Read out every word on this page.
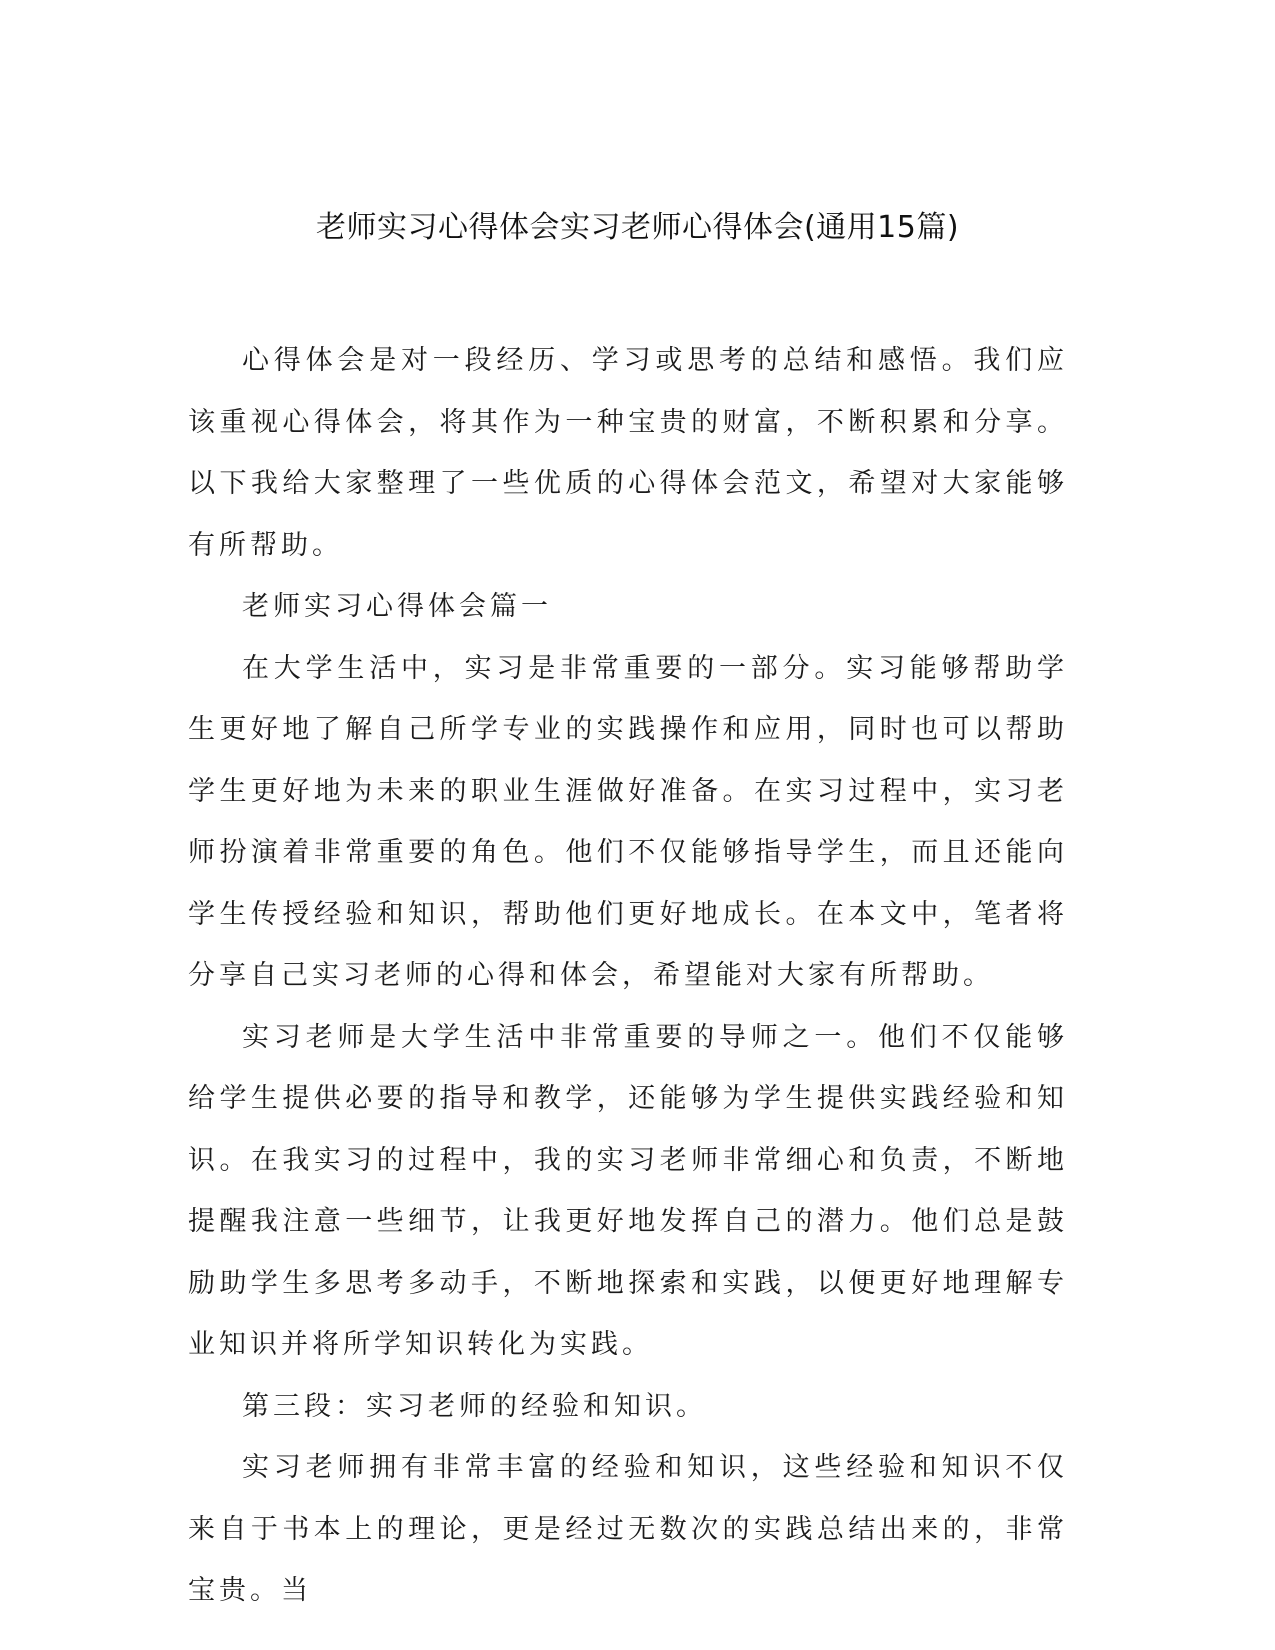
老师实习心得体会实习老师心得体会(通用15篇)

心得体会是对一段经历、学习或思考的总结和感悟。我们应该重视心得体会，将其作为一种宝贵的财富，不断积累和分享。以下我给大家整理了一些优质的心得体会范文，希望对大家能够有所帮助。

老师实习心得体会篇一

在大学生活中，实习是非常重要的一部分。实习能够帮助学生更好地了解自己所学专业的实践操作和应用，同时也可以帮助学生更好地为未来的职业生涯做好准备。在实习过程中，实习老师扮演着非常重要的角色。他们不仅能够指导学生，而且还能向学生传授经验和知识，帮助他们更好地成长。在本文中，笔者将分享自己实习老师的心得和体会，希望能对大家有所帮助。

实习老师是大学生活中非常重要的导师之一。他们不仅能够给学生提供必要的指导和教学，还能够为学生提供实践经验和知识。在我实习的过程中，我的实习老师非常细心和负责，不断地提醒我注意一些细节，让我更好地发挥自己的潜力。他们总是鼓励助学生多思考多动手，不断地探索和实践，以便更好地理解专业知识并将所学知识转化为实践。

第三段：实习老师的经验和知识。

实习老师拥有非常丰富的经验和知识，这些经验和知识不仅来自于书本上的理论，更是经过无数次的实践总结出来的，非常宝贵。当
